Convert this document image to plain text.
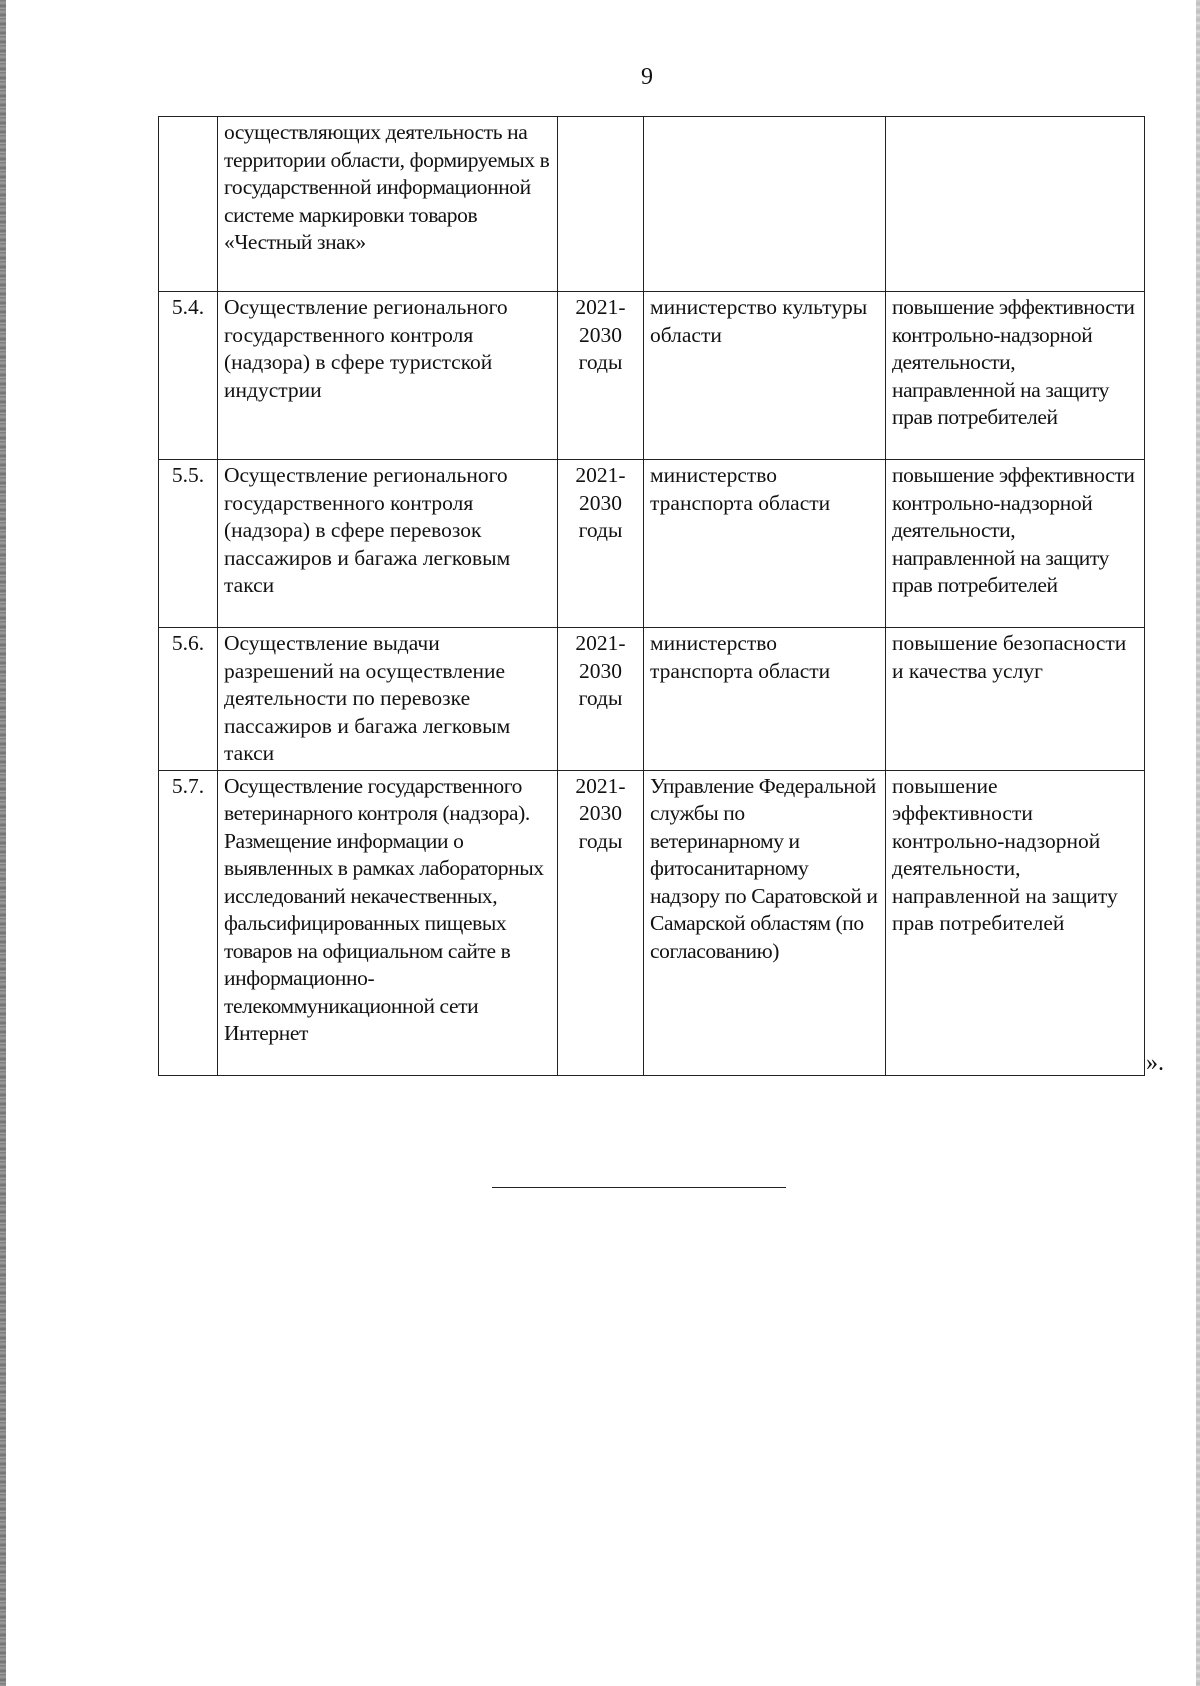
9
	осуществляющих деятельность на территории области, формируемых в государственной информационной системе маркировки товаров «Честный знак»			
5.4.	Осуществление регионального государственного контроля (надзора) в сфере туристской индустрии	2021-2030 годы	министерство культуры области	повышение эффективности контрольно-надзорной деятельности, направленной на защиту прав потребителей
5.5.	Осуществление регионального государственного контроля (надзора) в сфере перевозок пассажиров и багажа легковым такси	2021-2030 годы	министерство транспорта области	повышение эффективности контрольно-надзорной деятельности, направленной на защиту прав потребителей
5.6.	Осуществление выдачи разрешений на осуществление деятельности по перевозке пассажиров и багажа легковым такси	2021-2030 годы	министерство транспорта области	повышение безопасности и качества услуг
5.7.	Осуществление государственного ветеринарного контроля (надзора). Размещение информации о выявленных в рамках лабораторных исследований некачественных, фальсифицированных пищевых товаров на официальном сайте в информационно-телекоммуникационной сети Интернет	2021-2030 годы	Управление Федеральной службы по ветеринарному и фитосанитарному надзору по Саратовской и Самарской областям (по согласованию)	повышение эффективности контрольно-надзорной деятельности, направленной на защиту прав потребителей
».
